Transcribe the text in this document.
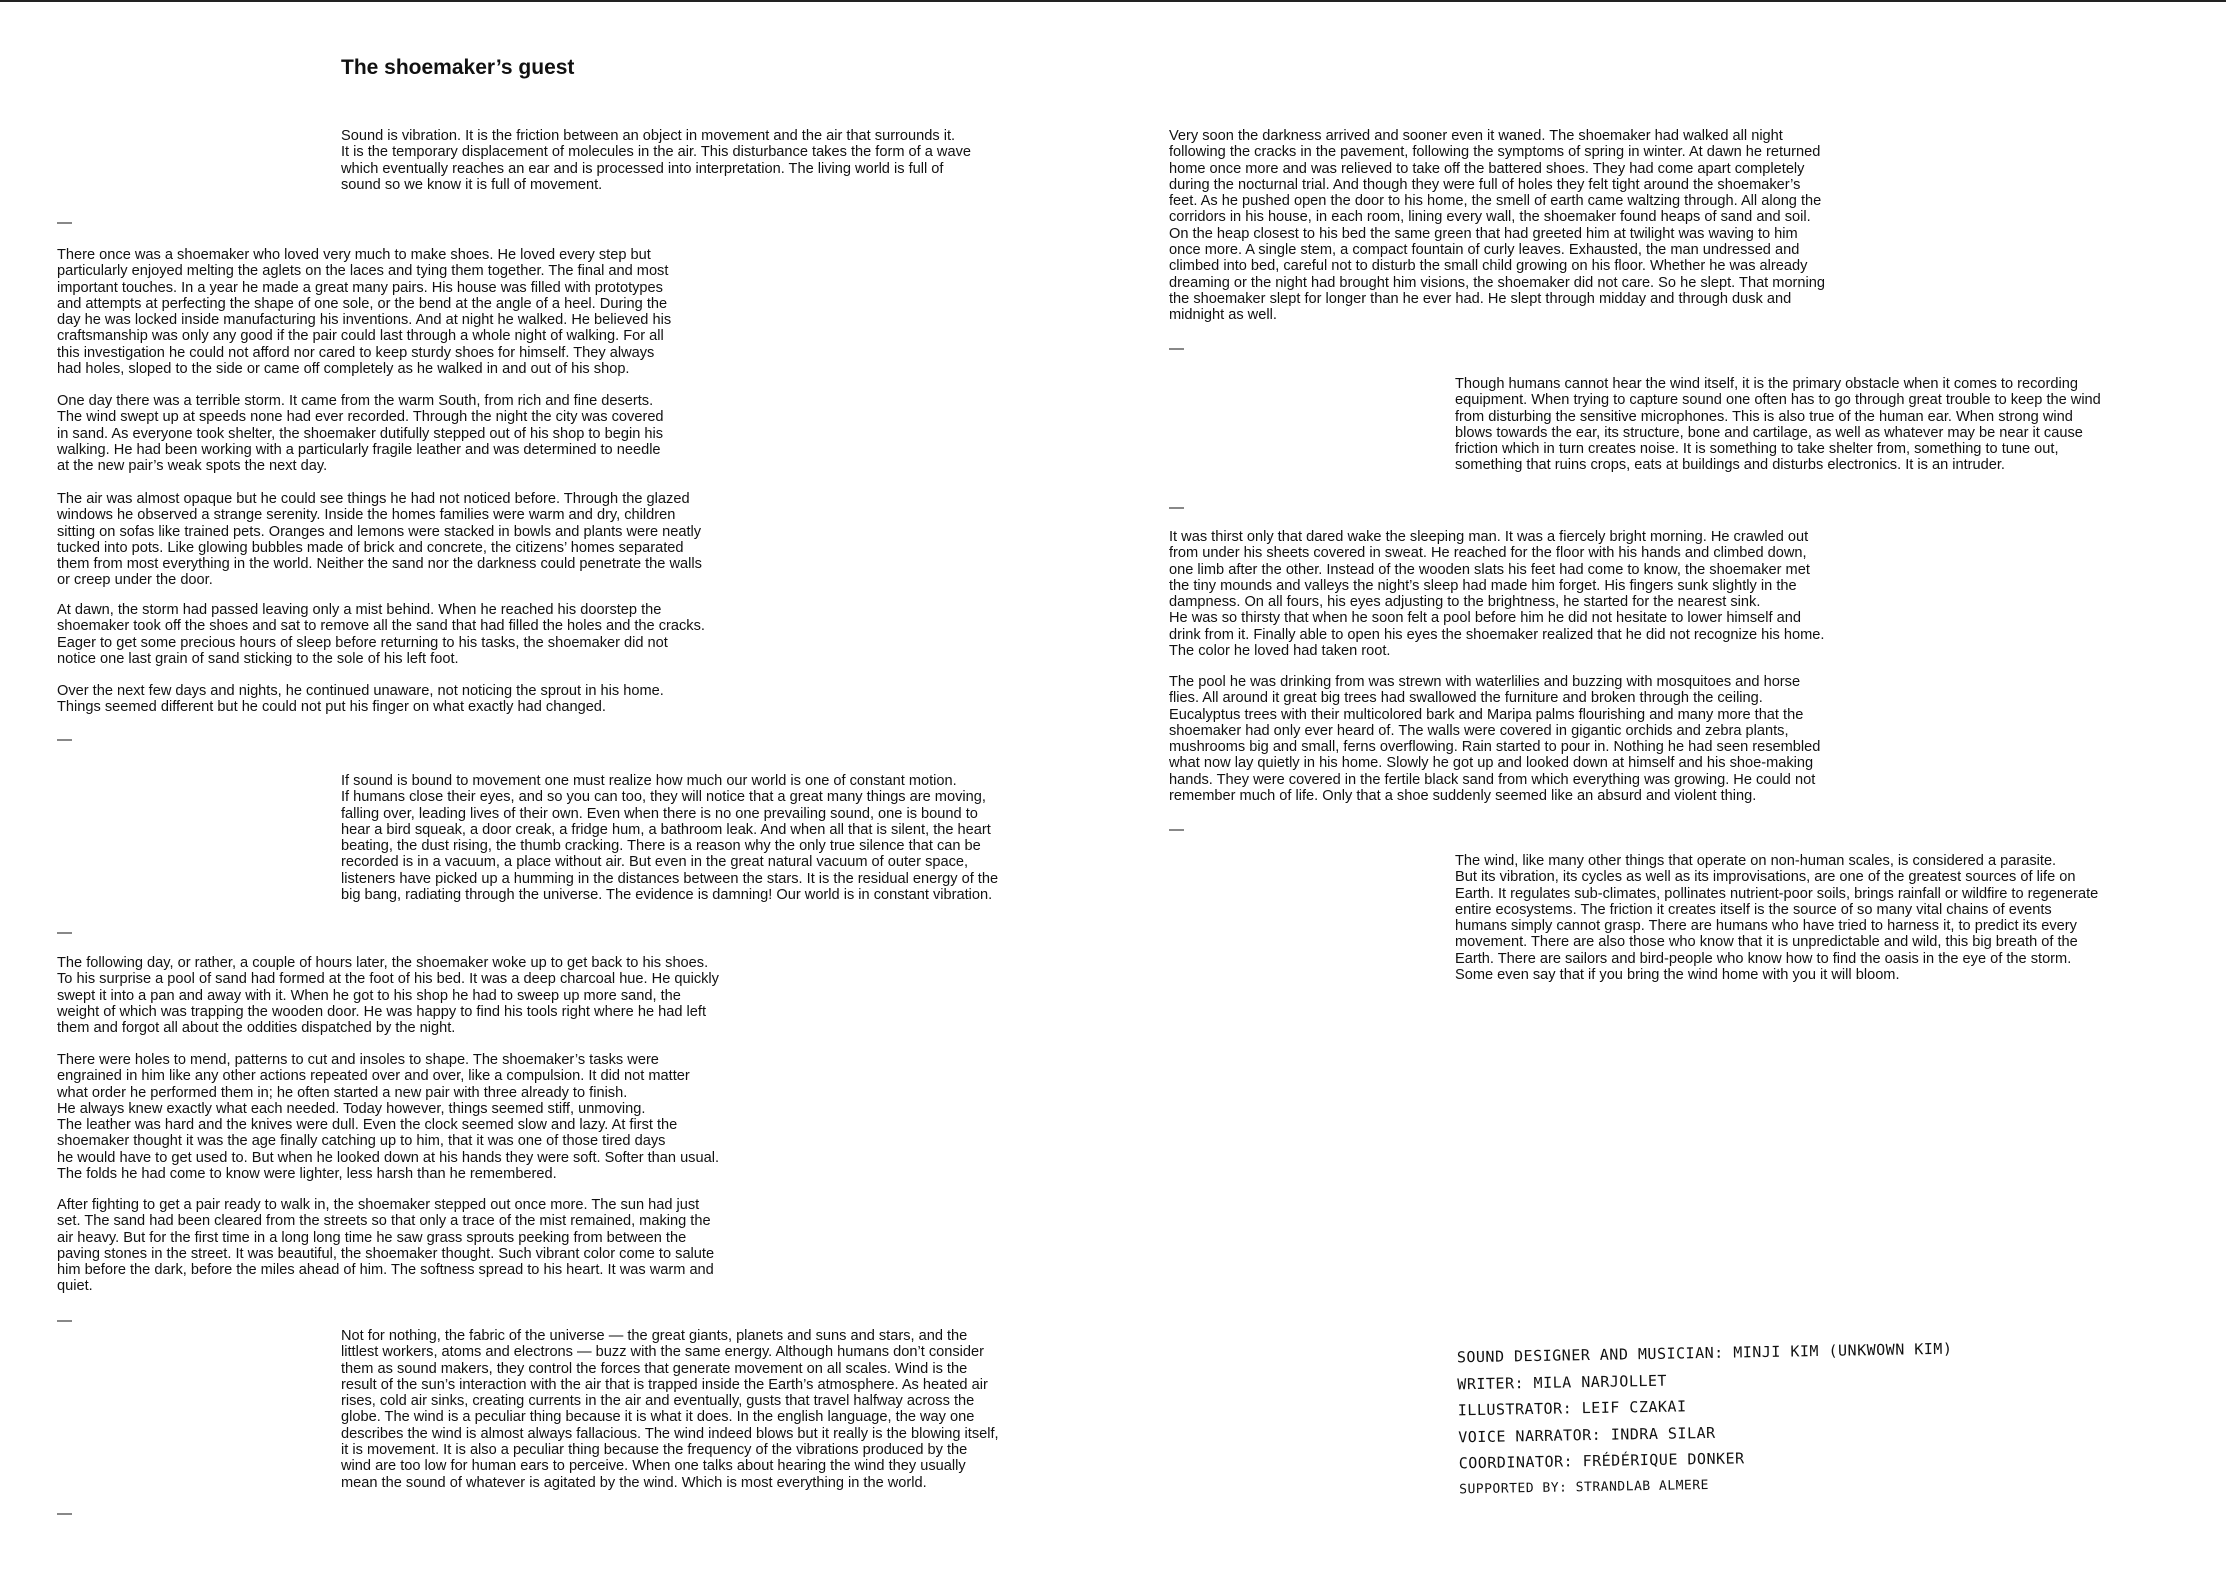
The shoemaker’s guest

Sound is vibration. It is the friction between an object in movement and the air that surrounds it.
It is the temporary displacement of molecules in the air. This disturbance takes the form of a wave
which eventually reaches an ear and is processed into interpretation. The living world is full of
sound so we know it is full of movement.

—

There once was a shoemaker who loved very much to make shoes. He loved every step but
particularly enjoyed melting the aglets on the laces and tying them together. The final and most
important touches. In a year he made a great many pairs. His house was filled with prototypes
and attempts at perfecting the shape of one sole, or the bend at the angle of a heel. During the
day he was locked inside manufacturing his inventions. And at night he walked. He believed his
craftsmanship was only any good if the pair could last through a whole night of walking. For all
this investigation he could not afford nor cared to keep sturdy shoes for himself. They always
had holes, sloped to the side or came off completely as he walked in and out of his shop.

One day there was a terrible storm. It came from the warm South, from rich and fine deserts.
The wind swept up at speeds none had ever recorded. Through the night the city was covered
in sand. As everyone took shelter, the shoemaker dutifully stepped out of his shop to begin his
walking. He had been working with a particularly fragile leather and was determined to needle
at the new pair’s weak spots the next day.

The air was almost opaque but he could see things he had not noticed before. Through the glazed
windows he observed a strange serenity. Inside the homes families were warm and dry, children
sitting on sofas like trained pets. Oranges and lemons were stacked in bowls and plants were neatly
tucked into pots. Like glowing bubbles made of brick and concrete, the citizens’ homes separated
them from most everything in the world. Neither the sand nor the darkness could penetrate the walls
or creep under the door.

At dawn, the storm had passed leaving only a mist behind. When he reached his doorstep the
shoemaker took off the shoes and sat to remove all the sand that had filled the holes and the cracks.
Eager to get some precious hours of sleep before returning to his tasks, the shoemaker did not
notice one last grain of sand sticking to the sole of his left foot.

Over the next few days and nights, he continued unaware, not noticing the sprout in his home.
Things seemed different but he could not put his finger on what exactly had changed.

—

If sound is bound to movement one must realize how much our world is one of constant motion.
If humans close their eyes, and so you can too, they will notice that a great many things are moving,
falling over, leading lives of their own. Even when there is no one prevailing sound, one is bound to
hear a bird squeak, a door creak, a fridge hum, a bathroom leak. And when all that is silent, the heart
beating, the dust rising, the thumb cracking. There is a reason why the only true silence that can be
recorded is in a vacuum, a place without air. But even in the great natural vacuum of outer space,
listeners have picked up a humming in the distances between the stars. It is the residual energy of the
big bang, radiating through the universe. The evidence is damning! Our world is in constant vibration.

—

The following day, or rather, a couple of hours later, the shoemaker woke up to get back to his shoes.
To his surprise a pool of sand had formed at the foot of his bed. It was a deep charcoal hue. He quickly
swept it into a pan and away with it. When he got to his shop he had to sweep up more sand, the
weight of which was trapping the wooden door. He was happy to find his tools right where he had left
them and forgot all about the oddities dispatched by the night.

There were holes to mend, patterns to cut and insoles to shape. The shoemaker’s tasks were
engrained in him like any other actions repeated over and over, like a compulsion. It did not matter
what order he performed them in; he often started a new pair with three already to finish.
He always knew exactly what each needed. Today however, things seemed stiff, unmoving.
The leather was hard and the knives were dull. Even the clock seemed slow and lazy. At first the
shoemaker thought it was the age finally catching up to him, that it was one of those tired days
he would have to get used to. But when he looked down at his hands they were soft. Softer than usual.
The folds he had come to know were lighter, less harsh than he remembered.

After fighting to get a pair ready to walk in, the shoemaker stepped out once more. The sun had just
set. The sand had been cleared from the streets so that only a trace of the mist remained, making the
air heavy. But for the first time in a long long time he saw grass sprouts peeking from between the
paving stones in the street. It was beautiful, the shoemaker thought. Such vibrant color come to salute
him before the dark, before the miles ahead of him. The softness spread to his heart. It was warm and
quiet.

—

Not for nothing, the fabric of the universe — the great giants, planets and suns and stars, and the
littlest workers, atoms and electrons — buzz with the same energy. Although humans don’t consider
them as sound makers, they control the forces that generate movement on all scales. Wind is the
result of the sun’s interaction with the air that is trapped inside the Earth’s atmosphere. As heated air
rises, cold air sinks, creating currents in the air and eventually, gusts that travel halfway across the
globe. The wind is a peculiar thing because it is what it does. In the english language, the way one
describes the wind is almost always fallacious. The wind indeed blows but it really is the blowing itself,
it is movement. It is also a peculiar thing because the frequency of the vibrations produced by the
wind are too low for human ears to perceive. When one talks about hearing the wind they usually
mean the sound of whatever is agitated by the wind. Which is most everything in the world.

—

Very soon the darkness arrived and sooner even it waned. The shoemaker had walked all night
following the cracks in the pavement, following the symptoms of spring in winter. At dawn he returned
home once more and was relieved to take off the battered shoes. They had come apart completely
during the nocturnal trial. And though they were full of holes they felt tight around the shoemaker’s
feet. As he pushed open the door to his home, the smell of earth came waltzing through. All along the
corridors in his house, in each room, lining every wall, the shoemaker found heaps of sand and soil.
On the heap closest to his bed the same green that had greeted him at twilight was waving to him
once more. A single stem, a compact fountain of curly leaves. Exhausted, the man undressed and
climbed into bed, careful not to disturb the small child growing on his floor. Whether he was already
dreaming or the night had brought him visions, the shoemaker did not care. So he slept. That morning
the shoemaker slept for longer than he ever had. He slept through midday and through dusk and
midnight as well.

—

Though humans cannot hear the wind itself, it is the primary obstacle when it comes to recording
equipment. When trying to capture sound one often has to go through great trouble to keep the wind
from disturbing the sensitive microphones. This is also true of the human ear. When strong wind
blows towards the ear, its structure, bone and cartilage, as well as whatever may be near it cause
friction which in turn creates noise. It is something to take shelter from, something to tune out,
something that ruins crops, eats at buildings and disturbs electronics. It is an intruder.

—

It was thirst only that dared wake the sleeping man. It was a fiercely bright morning. He crawled out
from under his sheets covered in sweat. He reached for the floor with his hands and climbed down,
one limb after the other. Instead of the wooden slats his feet had come to know, the shoemaker met
the tiny mounds and valleys the night’s sleep had made him forget. His fingers sunk slightly in the
dampness. On all fours, his eyes adjusting to the brightness, he started for the nearest sink.
He was so thirsty that when he soon felt a pool before him he did not hesitate to lower himself and
drink from it. Finally able to open his eyes the shoemaker realized that he did not recognize his home.
The color he loved had taken root.

The pool he was drinking from was strewn with waterlilies and buzzing with mosquitoes and horse
flies. All around it great big trees had swallowed the furniture and broken through the ceiling.
Eucalyptus trees with their multicolored bark and Maripa palms flourishing and many more that the
shoemaker had only ever heard of. The walls were covered in gigantic orchids and zebra plants,
mushrooms big and small, ferns overflowing. Rain started to pour in. Nothing he had seen resembled
what now lay quietly in his home. Slowly he got up and looked down at himself and his shoe-making
hands. They were covered in the fertile black sand from which everything was growing. He could not
remember much of life. Only that a shoe suddenly seemed like an absurd and violent thing.

—

The wind, like many other things that operate on non-human scales, is considered a parasite.
But its vibration, its cycles as well as its improvisations, are one of the greatest sources of life on
Earth. It regulates sub-climates, pollinates nutrient-poor soils, brings rainfall or wildfire to regenerate
entire ecosystems. The friction it creates itself is the source of so many vital chains of events
humans simply cannot grasp. There are humans who have tried to harness it, to predict its every
movement. There are also those who know that it is unpredictable and wild, this big breath of the
Earth. There are sailors and bird-people who know how to find the oasis in the eye of the storm.
Some even say that if you bring the wind home with you it will bloom.

SOUND DESIGNER AND MUSICIAN: MINJI KIM (UNKWOWN KIM)
WRITER: MILA NARJOLLET
ILLUSTRATOR: LEIF CZAKAI
VOICE NARRATOR: INDRA SILAR
COORDINATOR: FRÉDÉRIQUE DONKER
SUPPORTED BY: STRANDLAB ALMERE
